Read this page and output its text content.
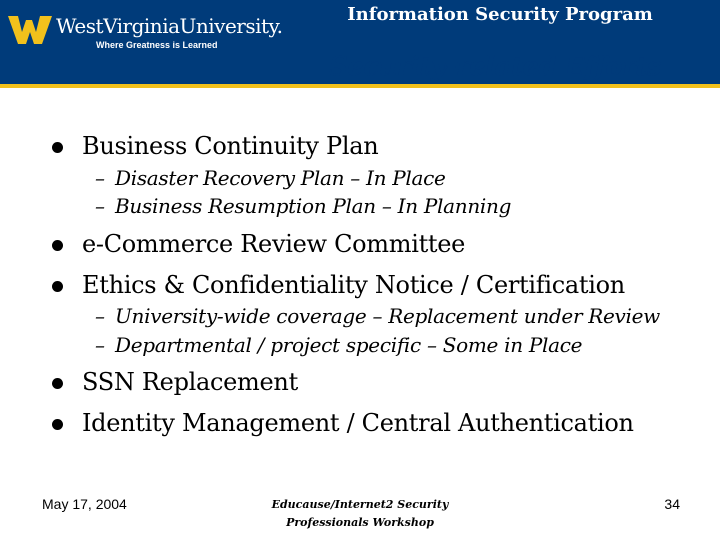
WestVirginiaUniversity.
Where Greatness is Learned
Information Security Program
Security-related Efforts
Business Continuity Plan
– Disaster Recovery Plan – In Place
– Business Resumption Plan – In Planning
e-Commerce Review Committee
Ethics & Confidentiality Notice / Certification
– University-wide coverage – Replacement under Review
– Departmental / project specific – Some in Place
SSN Replacement
Identity Management / Central Authentication
May 17, 2004	Educause/Internet2 Security
Professionals Workshop
34
